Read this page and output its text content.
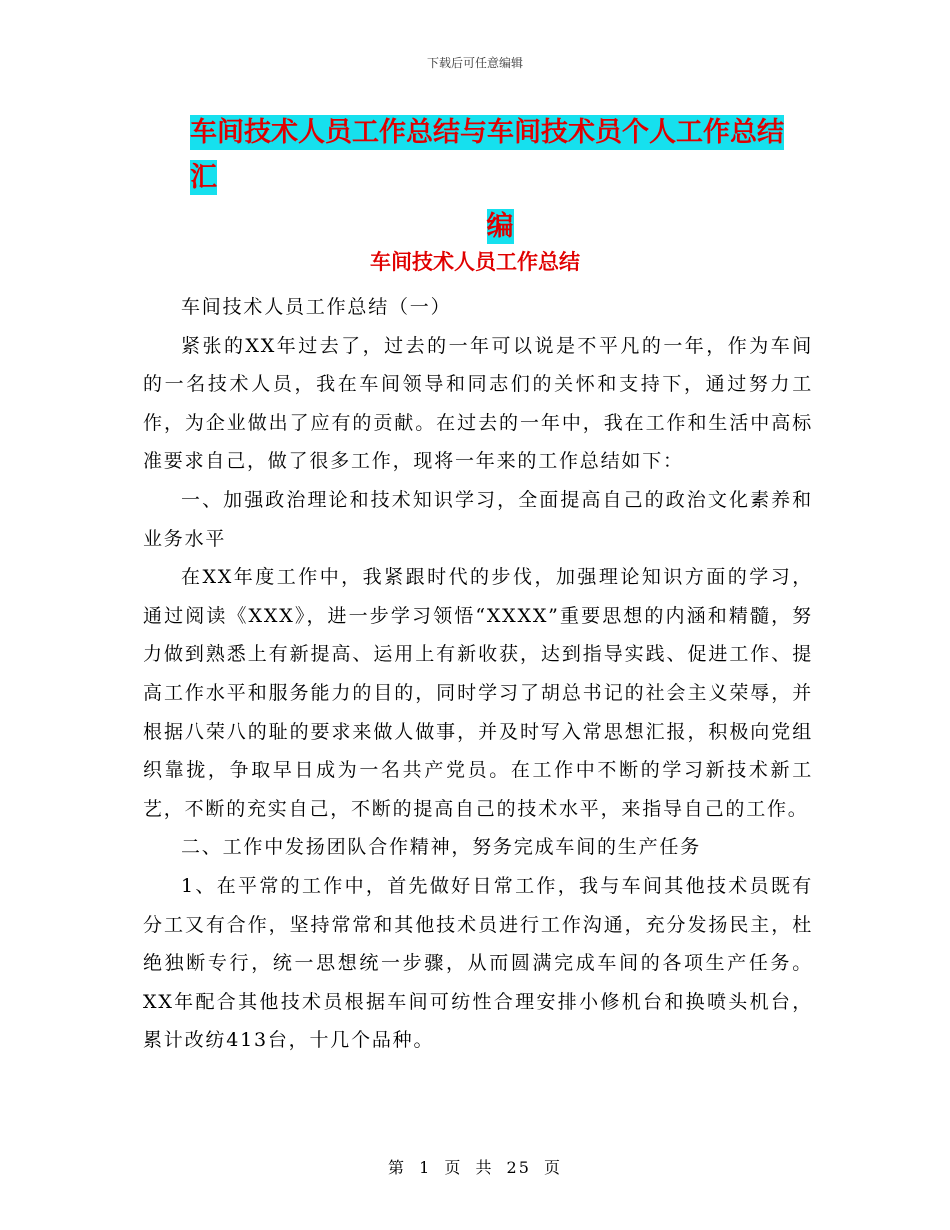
下载后可任意编辑
车间技术人员工作总结与车间技术员个人工作总结汇
编
车间技术人员工作总结

车间技术人员工作总结（一）

紧张的XX年过去了，过去的一年可以说是不平凡的一年，作为车间的一名技术人员，我在车间领导和同志们的关怀和支持下，通过努力工作，为企业做出了应有的贡献。在过去的一年中，我在工作和生活中高标准要求自己，做了很多工作，现将一年来的工作总结如下：

一、加强政治理论和技术知识学习，全面提高自己的政治文化素养和业务水平

在XX年度工作中，我紧跟时代的步伐，加强理论知识方面的学习，通过阅读《XXX》，进一步学习领悟“XXXX”重要思想的内涵和精髓，努力做到熟悉上有新提高、运用上有新收获，达到指导实践、促进工作、提高工作水平和服务能力的目的，同时学习了胡总书记的社会主义荣辱，并根据八荣八的耻的要求来做人做事，并及时写入常思想汇报，积极向党组织靠拢，争取早日成为一名共产党员。在工作中不断的学习新技术新工艺，不断的充实自己，不断的提高自己的技术水平，来指导自己的工作。

二、工作中发扬团队合作精神，努务完成车间的生产任务

1、在平常的工作中，首先做好日常工作，我与车间其他技术员既有分工又有合作，坚持常常和其他技术员进行工作沟通，充分发扬民主，杜绝独断专行，统一思想统一步骤，从而圆满完成车间的各项生产任务。XX年配合其他技术员根据车间可纺性合理安排小修机台和换喷头机台，累计改纺413台，十几个品种。

第 1 页 共 25 页
